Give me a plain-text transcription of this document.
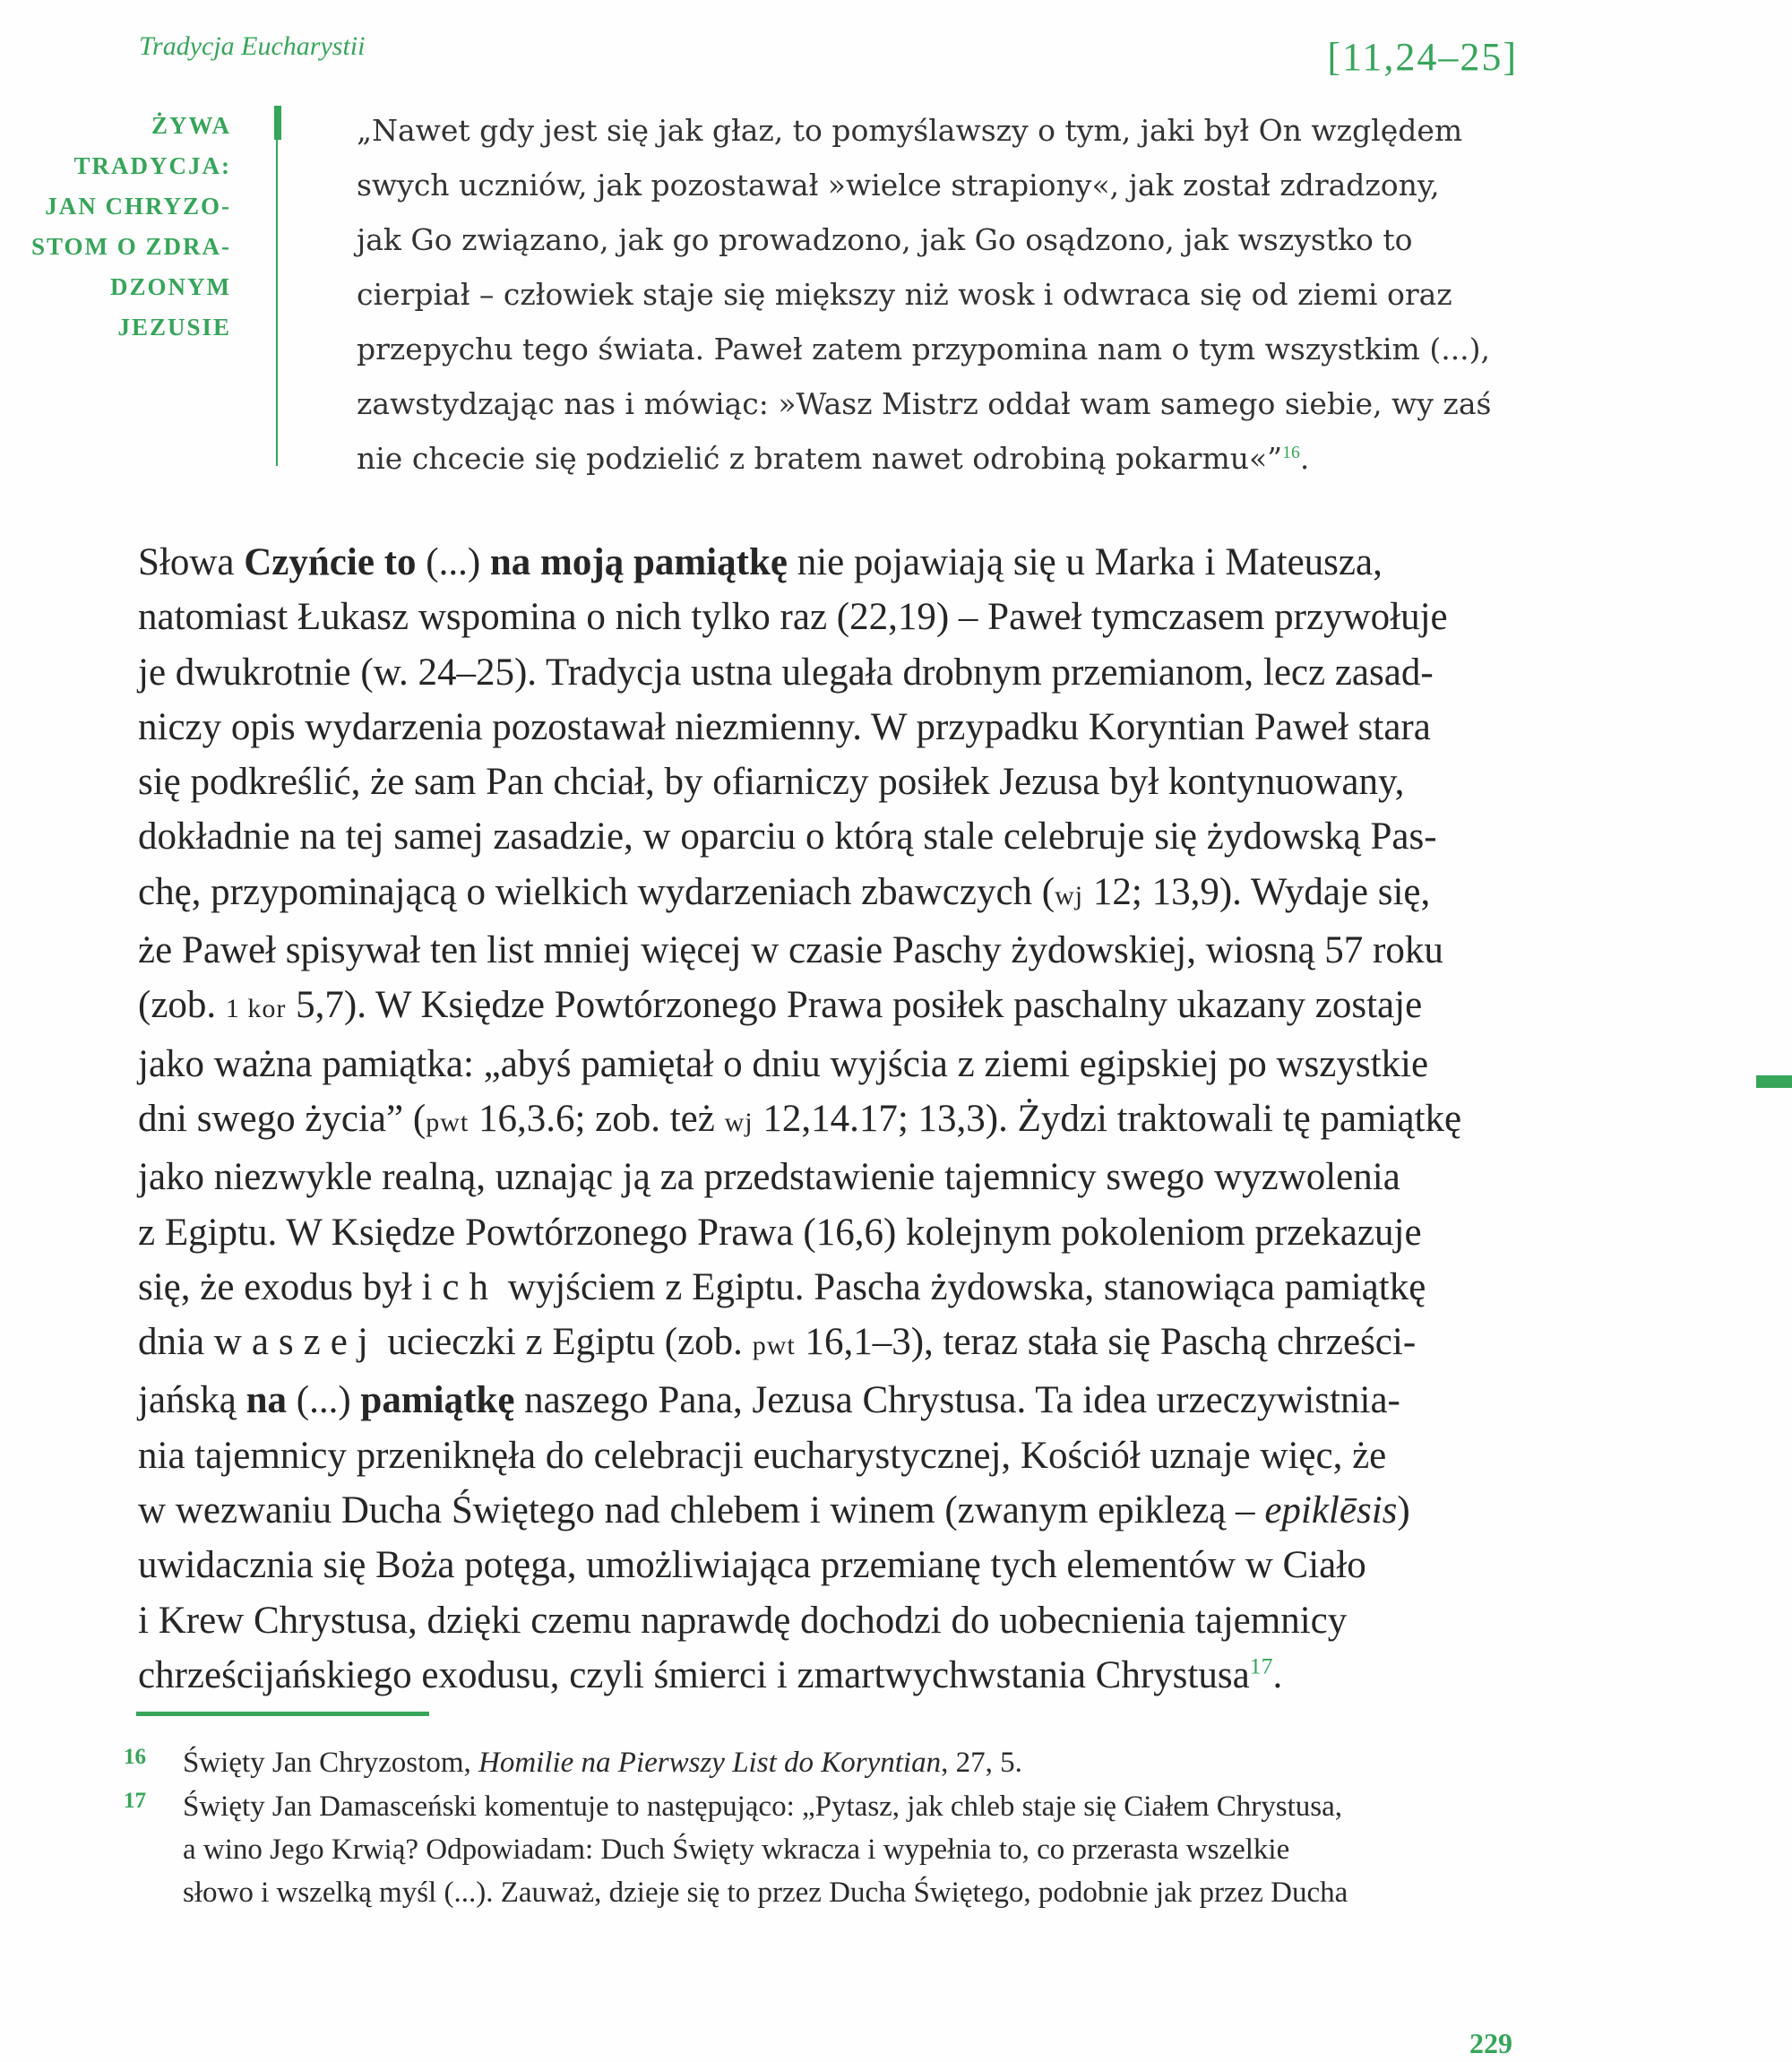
Tradycja Eucharystii	[11,24–25]
ŻYWA
TRADYCJA:
JAN CHRYZO-
STOM O ZDRA-
DZONYM
JEZUSIE
„Nawet gdy jest się jak głaz, to pomyślawszy o tym, jaki był On względem
swych uczniów, jak pozostawał »wielce strapiony«, jak został zdradzony,
jak Go związano, jak go prowadzono, jak Go osądzono, jak wszystko to
cierpiał – człowiek staje się miększy niż wosk i odwraca się od ziemi oraz
przepychu tego świata. Paweł zatem przypomina nam o tym wszystkim (...),
zawstydzając nas i mówiąc: »Wasz Mistrz oddał wam samego siebie, wy zaś
nie chcecie się podzielić z bratem nawet odrobiną pokarmu«”$^{16}$.
Słowa Czyńcie to (...) na moją pamiątkę nie pojawiają się u Marka i Mateusza,
natomiast Łukasz wspomina o nich tylko raz (22,19) – Paweł tymczasem przywołuje
je dwukrotnie (w. 24–25). Tradycja ustna ulegała drobnym przemianom, lecz zasad-
niczy opis wydarzenia pozostawał niezmienny. W przypadku Koryntian Paweł stara
się podkreślić, że sam Pan chciał, by ofiarniczy posiłek Jezusa był kontynuowany,
dokładnie na tej samej zasadzie, w oparciu o którą stale celebruje się żydowską Pas-
chę, przypominającą o wielkich wydarzeniach zbawczych (wj 12; 13,9). Wydaje się,
że Paweł spisywał ten list mniej więcej w czasie Paschy żydowskiej, wiosną 57 roku
(zob. 1 kor 5,7). W Księdze Powtórzonego Prawa posiłek paschalny ukazany zostaje
jako ważna pamiątka: „abyś pamiętał o dniu wyjścia z ziemi egipskiej po wszystkie
dni swego życia” (pwt 16,3.6; zob. też wj 12,14.17; 13,3). Żydzi traktowali tę pamiątkę
jako niezwykle realną, uznając ją za przedstawienie tajemnicy swego wyzwolenia
z Egiptu. W Księdze Powtórzonego Prawa (16,6) kolejnym pokoleniom przekazuje
się, że exodus był ich wyjściem z Egiptu. Pascha żydowska, stanowiąca pamiątkę
dnia waszej ucieczki z Egiptu (zob. pwt 16,1–3), teraz stała się Paschą chrześci-
jańską na (...) pamiątkę naszego Pana, Jezusa Chrystusa. Ta idea urzeczywistnia-
nia tajemnicy przeniknęła do celebracji eucharystycznej, Kościół uznaje więc, że
w wezwaniu Ducha Świętego nad chlebem i winem (zwanym epiklezą – epiklēsis)
uwidacznia się Boża potęga, umożliwiająca przemianę tych elementów w Ciało
i Krew Chrystusa, dzięki czemu naprawdę dochodzi do uobecnienia tajemnicy
chrześcijańskiego exodusu, czyli śmierci i zmartwychwstania Chrystusa$^{17}$.
16 Święty Jan Chryzostom, Homilie na Pierwszy List do Koryntian, 27, 5.
17 Święty Jan Damasceński komentuje to następująco: „Pytasz, jak chleb staje się Ciałem Chrystusa,
a wino Jego Krwią? Odpowiadam: Duch Święty wkracza i wypełnia to, co przerasta wszelkie
słowo i wszelką myśl (...). Zauważ, dzieje się to przez Ducha Świętego, podobnie jak przez Ducha
229
